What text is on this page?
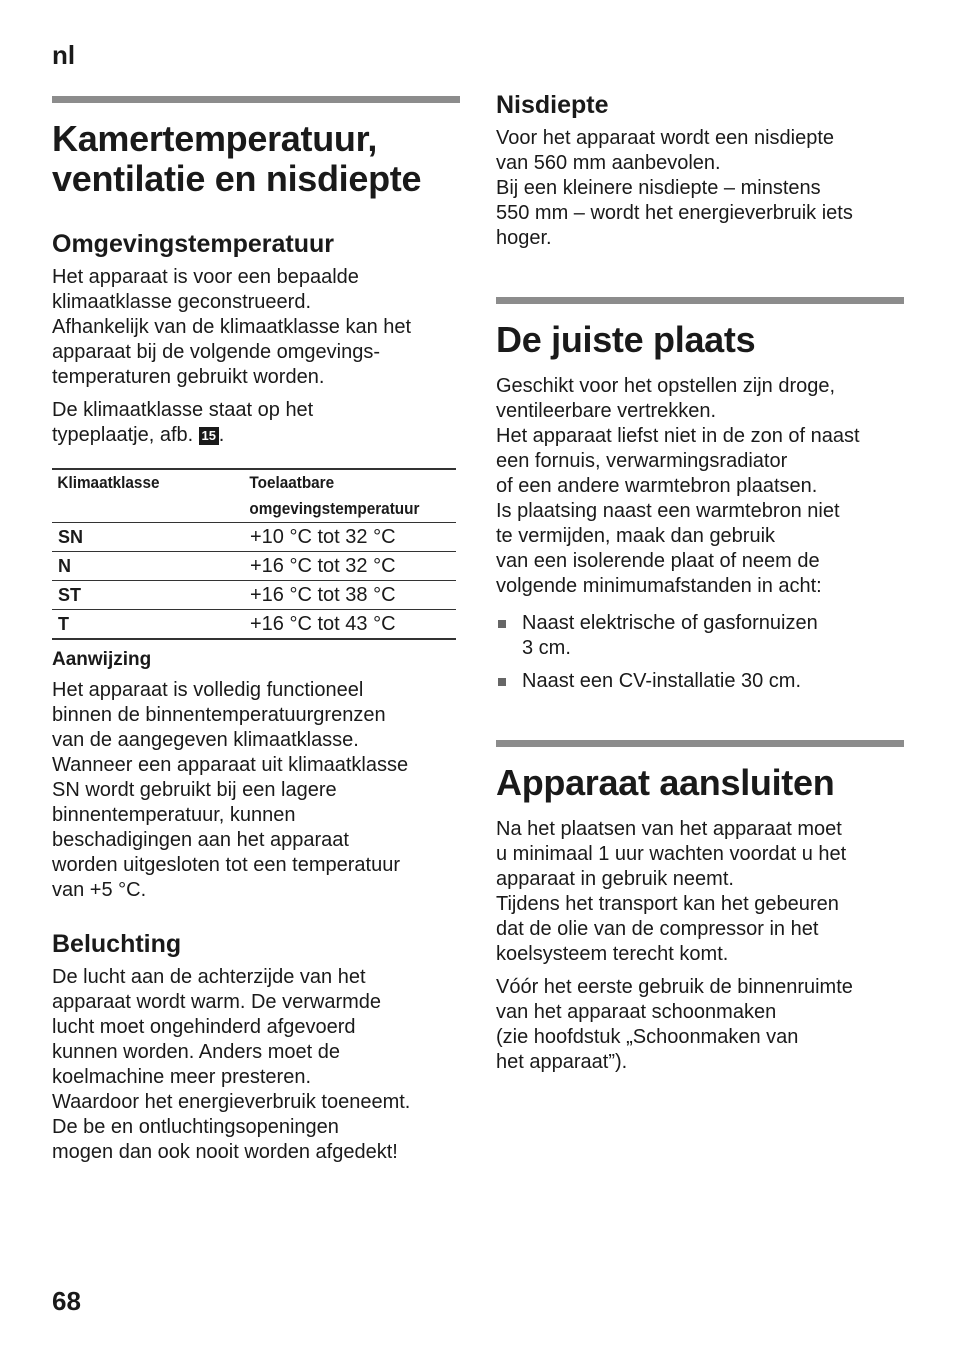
nl
Kamertemperatuur,
ventilatie en nisdiepte
Omgevingstemperatuur

Het apparaat is voor een bepaalde
klimaatklasse geconstrueerd.
Afhankelijk van de klimaatklasse kan het
apparaat bij de volgende omgevings-
temperaturen gebruikt worden.

De klimaatklasse staat op het
typeplaatje, afb. 15 .

Klimaatklasse	Toelaatbare
omgevingstemperatuur
SN	+10 °C tot 32 °C
N	+16 °C tot 32 °C
ST	+16 °C tot 38 °C
T	+16 °C tot 43 °C
Aanwijzing

Het apparaat is volledig functioneel
binnen de binnentemperatuurgrenzen
van de aangegeven klimaatklasse.
Wanneer een apparaat uit klimaatklasse
SN wordt gebruikt bij een lagere
binnentemperatuur, kunnen
beschadigingen aan het apparaat
worden uitgesloten tot een temperatuur
van +5 °C.

Beluchting

De lucht aan de achterzijde van het
apparaat wordt warm. De verwarmde
lucht moet ongehinderd afgevoerd
kunnen worden. Anders moet de
koelmachine meer presteren.
Waardoor het energieverbruik toeneemt.
De be en ontluchtingsopeningen
mogen dan ook nooit worden afgedekt!

Nisdiepte

Voor het apparaat wordt een nisdiepte
van 560 mm aanbevolen.
Bij een kleinere nisdiepte – minstens
550 mm – wordt het energieverbruik iets
hoger.

De juiste plaats

Geschikt voor het opstellen zijn droge,
ventileerbare vertrekken.
Het apparaat liefst niet in de zon of naast
een fornuis, verwarmingsradiator
of een andere warmtebron plaatsen.
Is plaatsing naast een warmtebron niet
te vermijden, maak dan gebruik
van een isolerende plaat of neem de
volgende minimumafstanden in acht:

Naast elektrische of gasfornuizen
3 cm.
Naast een CV-installatie 30 cm.
Apparaat aansluiten

Na het plaatsen van het apparaat moet
u minimaal 1 uur wachten voordat u het
apparaat in gebruik neemt.
Tijdens het transport kan het gebeuren
dat de olie van de compressor in het
koelsysteem terecht komt.

Vóór het eerste gebruik de binnenruimte
van het apparaat schoonmaken
(zie hoofdstuk „Schoonmaken van
het apparaat”).

68
